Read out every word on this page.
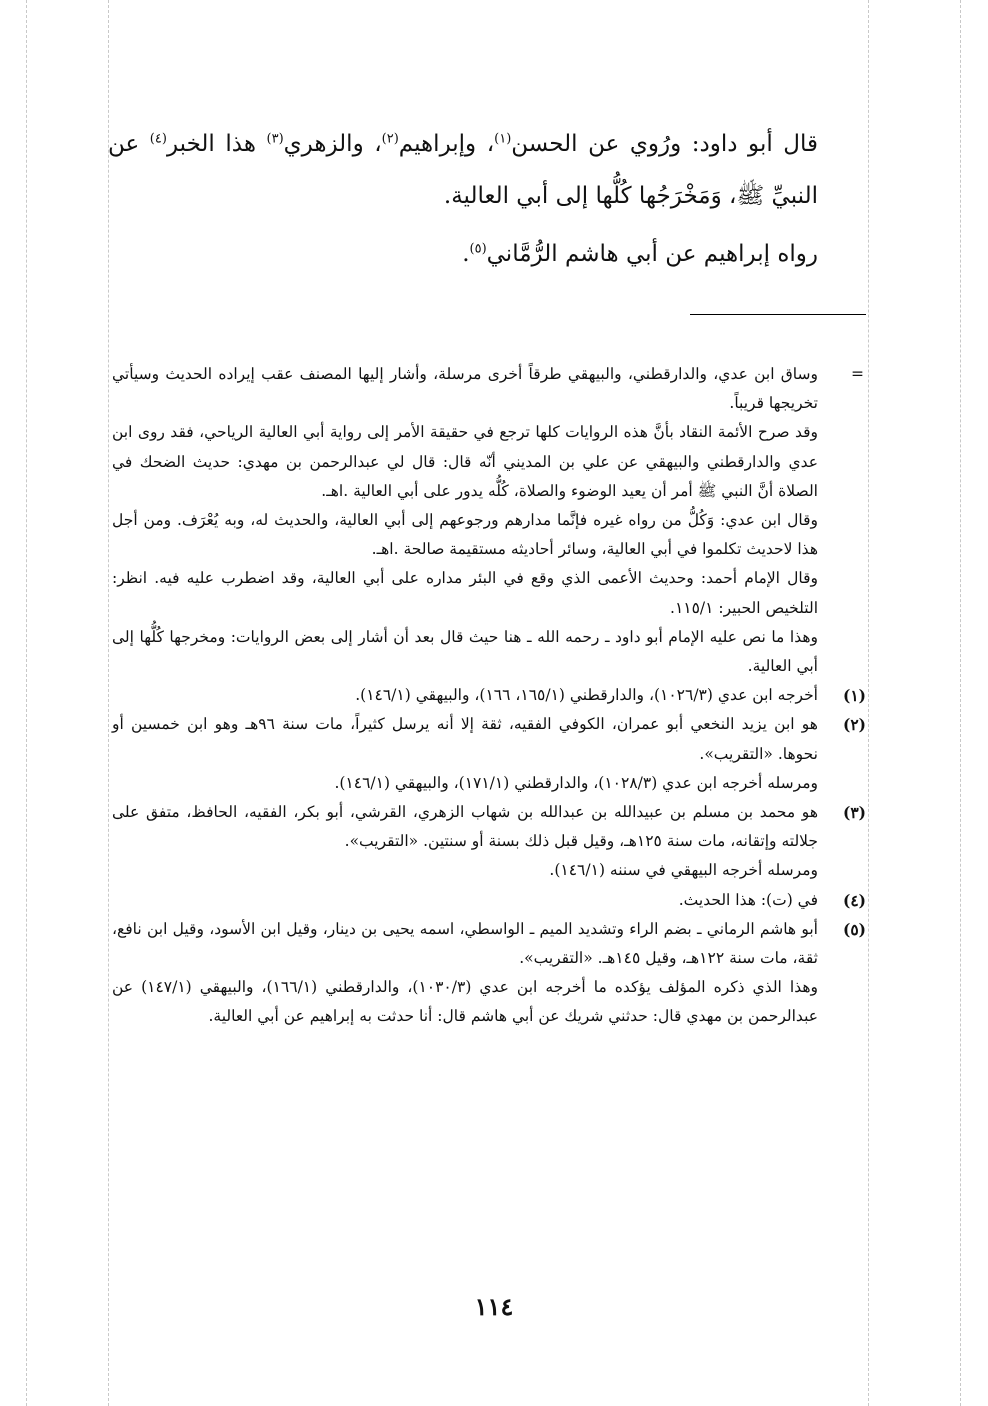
قال أبو داود: ورُوي عن الحسن$^{(١)}$، وإبراهيم$^{(٢)}$، والزهري$^{(٣)}$ هذا الخبر$^{(٤)}$ عن النبيِّ ﷺ، وَمَخْرَجُها كُلُّها إلى أبي العالية.

رواه إبراهيم عن أبي هاشم الرُّمَّاني$^{(٥)}$.

=

وساق ابن عدي، والدارقطني، والبيهقي طرقاً أخرى مرسلة، وأشار إليها المصنف عقب إيراده الحديث وسيأتي تخريجها قريباً.

وقد صرح الأئمة النقاد بأنَّ هذه الروايات كلها ترجع في حقيقة الأمر إلى رواية أبي العالية الرياحي، فقد روى ابن عدي والدارقطني والبيهقي عن علي بن المديني أنّه قال: قال لي عبدالرحمن بن مهدي: حديث الضحك في الصلاة أنَّ النبي ﷺ أمر أن يعيد الوضوء والصلاة، كُلُّه يدور على أبي العالية .اهـ.

وقال ابن عدي: وَكُلُّ من رواه غيره فإنَّما مدارهم ورجوعهم إلى أبي العالية، والحديث له، وبه يُعْرَف. ومن أجل هذا لاحديث تكلموا في أبي العالية، وسائر أحاديثه مستقيمة صالحة .اهـ.

وقال الإمام أحمد: وحديث الأعمى الذي وقع في البئر مداره على أبي العالية، وقد اضطرب عليه فيه. انظر: التلخيص الحبير: ١١٥/١.

وهذا ما نص عليه الإمام أبو داود ـ رحمه الله ـ هنا حيث قال بعد أن أشار إلى بعض الروايات: ومخرجها كُلُّها إلى أبي العالية.

(١)

أخرجه ابن عدي (١٠٢٦/٣)، والدارقطني (١٦٥/١، ١٦٦)، والبيهقي (١٤٦/١).

(٢)

هو ابن يزيد النخعي أبو عمران، الكوفي الفقيه، ثقة إلا أنه يرسل كثيراً، مات سنة ٩٦هـ وهو ابن خمسين أو نحوها. «التقريب».

ومرسله أخرجه ابن عدي (١٠٢٨/٣)، والدارقطني (١٧١/١)، والبيهقي (١٤٦/١).

(٣)

هو محمد بن مسلم بن عبيدالله بن عبدالله بن شهاب الزهري، القرشي، أبو بكر، الفقيه، الحافظ، متفق على جلالته وإتقانه، مات سنة ١٢٥هـ، وقيل قبل ذلك بسنة أو سنتين. «التقريب».

ومرسله أخرجه البيهقي في سننه (١٤٦/١).

(٤)

في (ت): هذا الحديث.

(٥)

أبو هاشم الرماني ـ بضم الراء وتشديد الميم ـ الواسطي، اسمه يحيى بن دينار، وقيل ابن الأسود، وقيل ابن نافع، ثقة، مات سنة ١٢٢هـ، وقيل ١٤٥هـ. «التقريب».

وهذا الذي ذكره المؤلف يؤكده ما أخرجه ابن عدي (١٠٣٠/٣)، والدارقطني (١٦٦/١)، والبيهقي (١٤٧/١) عن عبدالرحمن بن مهدي قال: حدثني شريك عن أبي هاشم قال: أنا حدثت به إبراهيم عن أبي العالية.

١١٤
